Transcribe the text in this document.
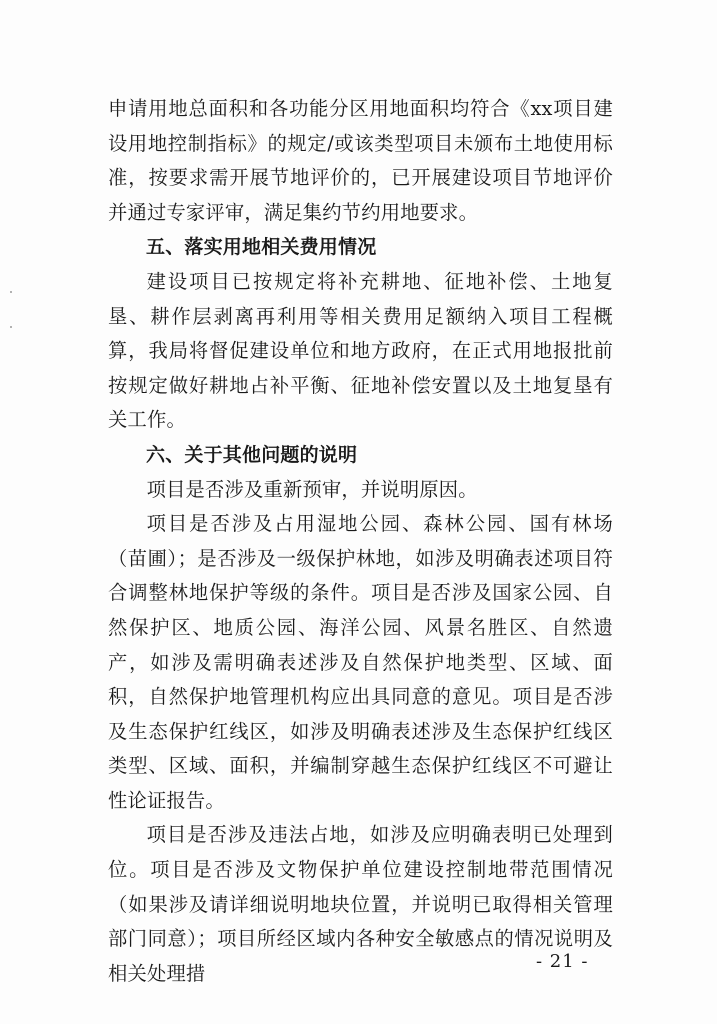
申请用地总面积和各功能分区用地面积均符合《xx项目建设用地控制指标》的规定/或该类型项目未颁布土地使用标准，按要求需开展节地评价的，已开展建设项目节地评价并通过专家评审，满足集约节约用地要求。

五、落实用地相关费用情况

建设项目已按规定将补充耕地、征地补偿、土地复垦、耕作层剥离再利用等相关费用足额纳入项目工程概算，我局将督促建设单位和地方政府，在正式用地报批前按规定做好耕地占补平衡、征地补偿安置以及土地复垦有关工作。

六、关于其他问题的说明

项目是否涉及重新预审，并说明原因。

项目是否涉及占用湿地公园、森林公园、国有林场（苗圃）；是否涉及一级保护林地，如涉及明确表述项目符合调整林地保护等级的条件。项目是否涉及国家公园、自然保护区、地质公园、海洋公园、风景名胜区、自然遗产，如涉及需明确表述涉及自然保护地类型、区域、面积，自然保护地管理机构应出具同意的意见。项目是否涉及生态保护红线区，如涉及明确表述涉及生态保护红线区类型、区域、面积，并编制穿越生态保护红线区不可避让性论证报告。

项目是否涉及违法占地，如涉及应明确表明已处理到位。项目是否涉及文物保护单位建设控制地带范围情况（如果涉及请详细说明地块位置，并说明已取得相关管理部门同意）；项目所经区域内各种安全敏感点的情况说明及相关处理措

- 21 -
